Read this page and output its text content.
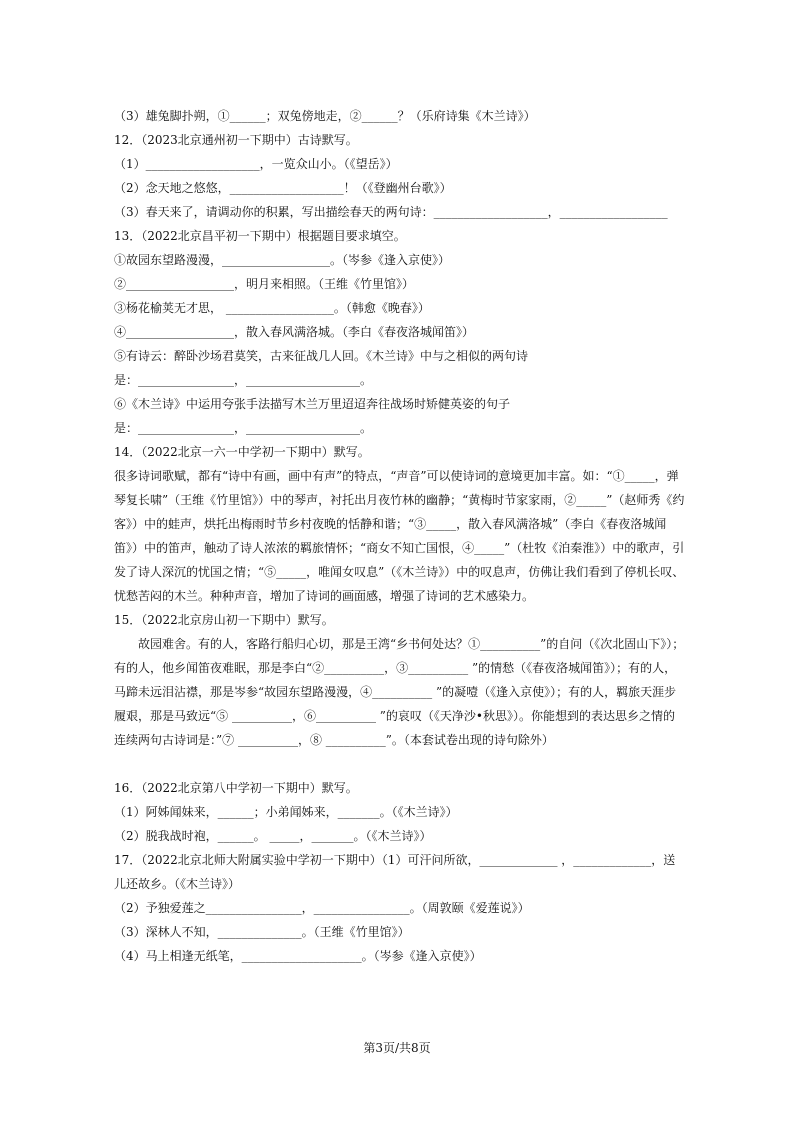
（3）雄兔脚扑朔，①______；双兔傍地走，②______？（乐府诗集《木兰诗》）
12．（2023北京通州初一下期中）古诗默写。
（1）___________________，一览众山小。（《望岳》）
（2）念天地之悠悠，___________________！（《登幽州台歌》）
（3）春天来了，请调动你的积累，写出描绘春天的两句诗：___________________，__________________
13．（2022北京昌平初一下期中）根据题目要求填空。
①故园东望路漫漫，__________________。（岑参《逢入京使》）
②__________________，明月来相照。（王维《竹里馆》）
③杨花榆荚无才思， __________________。（韩愈《晚春》）
④__________________，散入春风满洛城。（李白《春夜洛城闻笛》）
⑤有诗云：醉卧沙场君莫笑，古来征战几人回。《木兰诗》中与之相似的两句诗
是：________________，___________________。
⑥《木兰诗》中运用夸张手法描写木兰万里迢迢奔往战场时矫健英姿的句子
是：________________，___________________。
14．（2022北京一六一中学初一下期中）默写。
很多诗词歌赋，都有“诗中有画，画中有声”的特点，“声音”可以使诗词的意境更加丰富。如：“①_____，弹琴复长啸”（王维《竹里馆》）中的琴声，衬托出月夜竹林的幽静；“黄梅时节家家雨，②_____”（赵师秀《约客》）中的蛙声，烘托出梅雨时节乡村夜晚的恬静和谐；“③_____，散入春风满洛城”（李白《春夜洛城闻笛》）中的笛声，触动了诗人浓浓的羁旅情怀；“商女不知亡国恨，④_____”（杜牧《泊秦淮》）中的歌声，引发了诗人深沉的忧国之情；“⑤_____，唯闻女叹息”（《木兰诗》）中的叹息声，仿佛让我们看到了停机长叹、忧愁苦闷的木兰。种种声音，增加了诗词的画面感，增强了诗词的艺术感染力。
15．（2022北京房山初一下期中）默写。
故园难舍。有的人，客路行船归心切，那是王湾“乡书何处达？①__________”的自问（《次北固山下》）；有的人，他乡闻笛夜难眠，那是李白“②__________，③__________ ”的情愁（《春夜洛城闻笛》）；有的人，马蹄未远泪沾襟，那是岑参“故园东望路漫漫，④__________ ”的凝噎（《逢入京使》）；有的人，羁旅天涯步履艰，那是马致远“⑤ __________，⑥__________ ”的哀叹（《天净沙•秋思》）。你能想到的表达思乡之情的连续两句古诗词是：”⑦ __________，⑧ __________”。（本套试卷出现的诗句除外）
16．（2022北京第八中学初一下期中）默写。
（1）阿姊闻妹来，______；小弟闻姊来，_______。（《木兰诗》）
（2）脱我战时袍，______。 _____，_______。（《木兰诗》）
17．（2022北京北师大附属实验中学初一下期中）（1）可汗问所欲，_____________ ，_____________，送
儿还故乡。（《木兰诗》）
（2）予独爱莲之________________，________________。（周敦颐《爱莲说》）
（3）深林人不知，______________。（王维《竹里馆》）
（4）马上相逢无纸笔，____________________。（岑参《逢入京使》）
第3页/共8页
